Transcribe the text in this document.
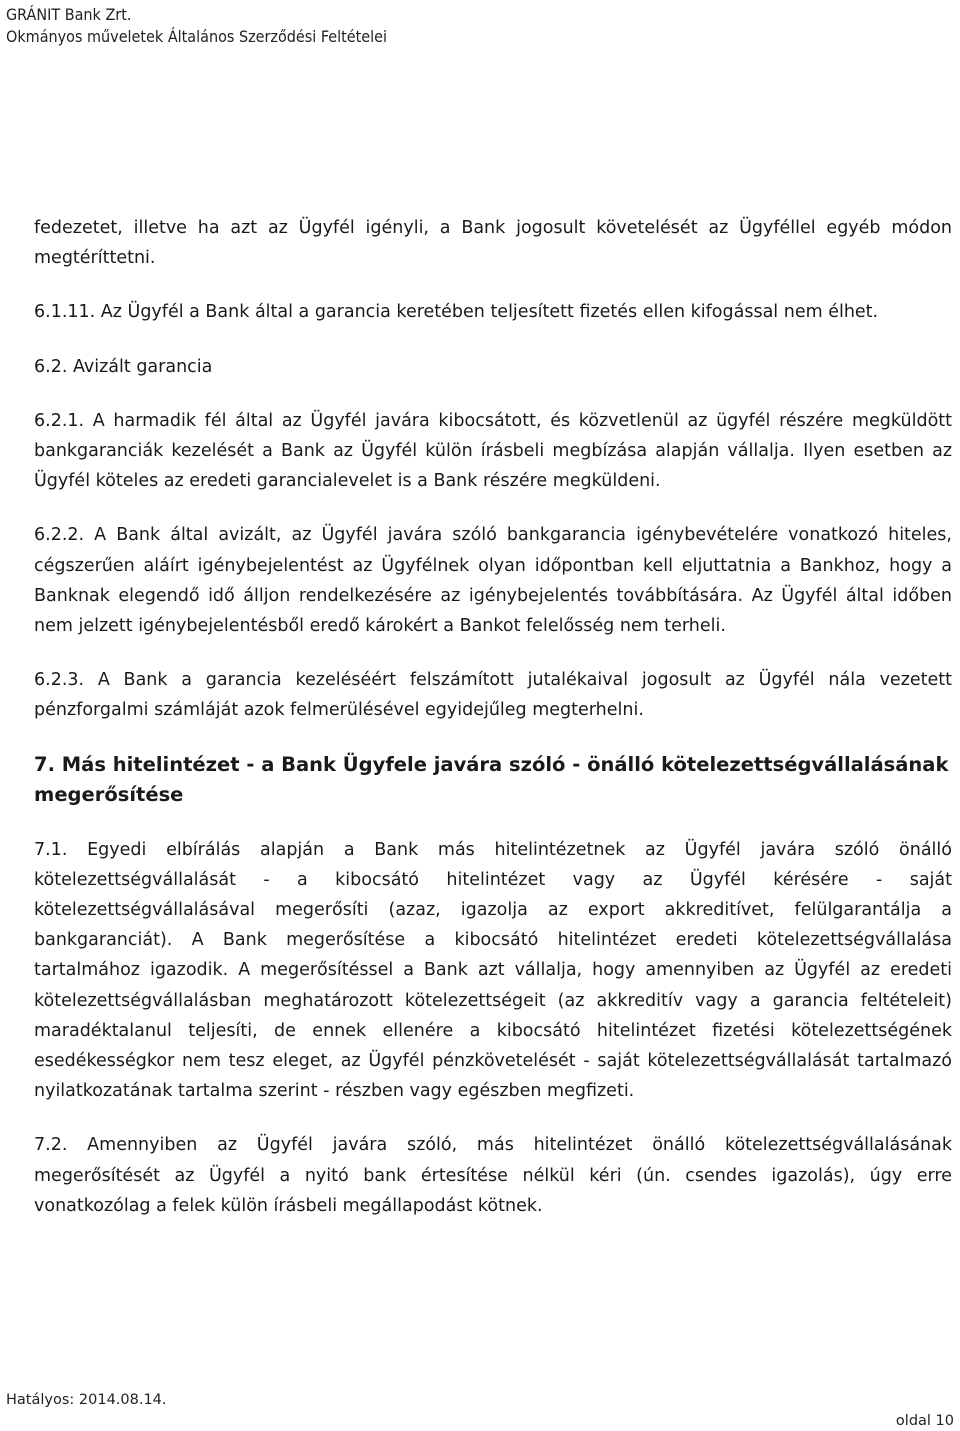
GRÁNIT Bank Zrt.
Okmányos műveletek Általános Szerződési Feltételei

fedezetet, illetve ha azt az Ügyfél igényli, a Bank jogosult követelését az Ügyféllel egyéb módon megtéríttetni.

6.1.11. Az Ügyfél a Bank által a garancia keretében teljesített fizetés ellen kifogással nem élhet.

6.2. Avizált garancia

6.2.1. A harmadik fél által az Ügyfél javára kibocsátott, és közvetlenül az ügyfél részére megküldött bankgaranciák kezelését a Bank az Ügyfél külön írásbeli megbízása alapján vállalja. Ilyen esetben az Ügyfél köteles az eredeti garancialevelet is a Bank részére megküldeni.

6.2.2. A Bank által avizált, az Ügyfél javára szóló bankgarancia igénybevételére vonatkozó hiteles, cégszerűen aláírt igénybejelentést az Ügyfélnek olyan időpontban kell eljuttatnia a Bankhoz, hogy a Banknak elegendő idő álljon rendelkezésére az igénybejelentés továbbítására. Az Ügyfél által időben nem jelzett igénybejelentésből eredő károkért a Bankot felelősség nem terheli.

6.2.3. A Bank a garancia kezeléséért felszámított jutalékaival jogosult az Ügyfél nála vezetett pénzforgalmi számláját azok felmerülésével egyidejűleg megterhelni.

7. Más hitelintézet - a Bank Ügyfele javára szóló - önálló kötelezettségvállalásának megerősítése

7.1. Egyedi elbírálás alapján a Bank más hitelintézetnek az Ügyfél javára szóló önálló kötelezettségvállalását - a kibocsátó hitelintézet vagy az Ügyfél kérésére - saját kötelezettségvállalásával megerősíti (azaz, igazolja az export akkreditívet, felülgarantálja a bankgaranciát). A Bank megerősítése a kibocsátó hitelintézet eredeti kötelezettségvállalása tartalmához igazodik. A megerősítéssel a Bank azt vállalja, hogy amennyiben az Ügyfél az eredeti kötelezettségvállalásban meghatározott kötelezettségeit (az akkreditív vagy a garancia feltételeit) maradéktalanul teljesíti, de ennek ellenére a kibocsátó hitelintézet fizetési kötelezettségének esedékességkor nem tesz eleget, az Ügyfél pénzkövetelését - saját kötelezettségvállalását tartalmazó nyilatkozatának tartalma szerint - részben vagy egészben megfizeti.

7.2. Amennyiben az Ügyfél javára szóló, más hitelintézet önálló kötelezettségvállalásának megerősítését az Ügyfél a nyitó bank értesítése nélkül kéri (ún. csendes igazolás), úgy erre vonatkozólag a felek külön írásbeli megállapodást kötnek.

Hatályos: 2014.08.14.
oldal 10
